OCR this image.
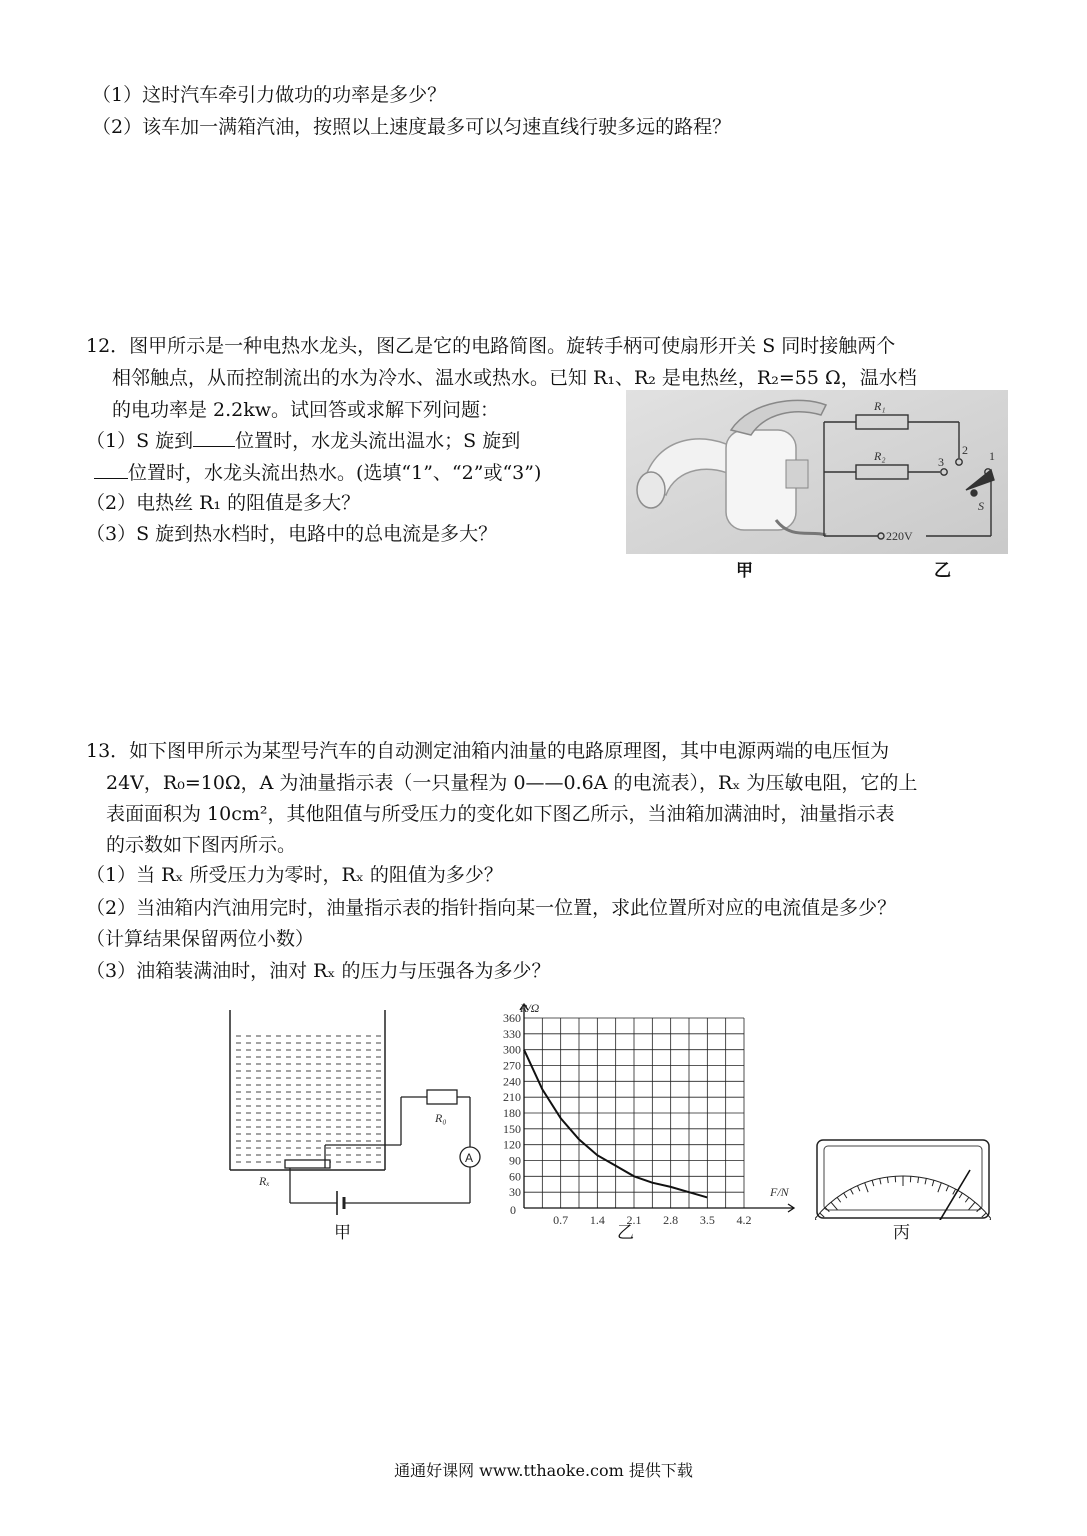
（1）这时汽车牵引力做功的功率是多少？
（2）该车加一满箱汽油，按照以上速度最多可以匀速直线行驶多远的路程？
12．图甲所示是一种电热水龙头，图乙是它的电路简图。旋转手柄可使扇形开关 S 同时接触两个
相邻触点，从而控制流出的水为冷水、温水或热水。已知 R₁、R₂ 是电热丝，R₂=55 Ω，温水档
的电功率是 2.2kw。试回答或求解下列问题：
（1）S 旋到 位置时，水龙头流出温水；S 旋到
位置时，水龙头流出热水。(选填“1”、“2”或“3”)
（2）电热丝 R₁ 的阻值是多大？
（3）S 旋到热水档时，电路中的总电流是多大？
R₁
R₂	3
2 1
S
220V
甲	乙
13．如下图甲所示为某型号汽车的自动测定油箱内油量的电路原理图，其中电源两端的电压恒为
24V，R₀=10Ω，A 为油量指示表（一只量程为 0——0.6A 的电流表），Rₓ 为压敏电阻，它的上
表面面积为 10cm²，其他阻值与所受压力的变化如下图乙所示，当油箱加满油时，油量指示表
的示数如下图丙所示。
（1）当 Rₓ 所受压力为零时，Rₓ 的阻值为多少？
（2）当油箱内汽油用完时，油量指示表的指针指向某一位置，求此位置所对应的电流值是多少？
（计算结果保留两位小数）
（3）油箱装满油时，油对 Rₓ 的压力与压强各为多少？
A
R₀
Rₓ
甲
30
60
90
120
150
180
210
240
270
300
330
360
0.7 1.4 2.1 2.8 3.5 4.2
R/Ω
F/N
0
乙	丙
通通好课网 www.tthaoke.com 提供下载
